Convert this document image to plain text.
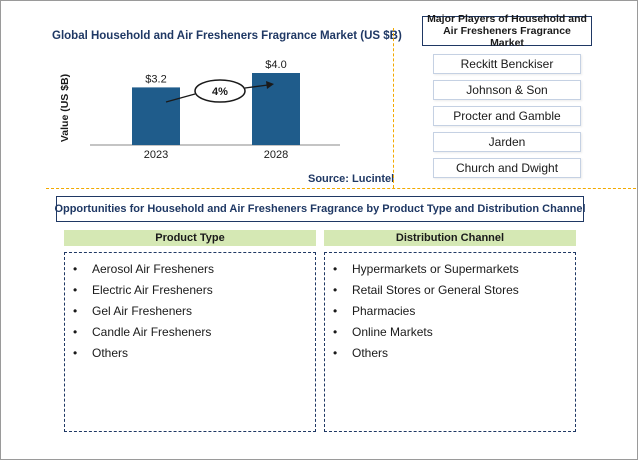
Global Household and Air Fresheners Fragrance Market (US $B)
Value (US $B)	$3.2
2023
$4.0
2028
4%
Source: Lucintel
Major Players of Household and Air Fresheners Fragrance Market
Reckitt Benckiser
Johnson & Son
Procter and Gamble
Jarden
Church and Dwight
Opportunities for Household and Air Fresheners Fragrance by Product Type and Distribution Channel
Product Type	Distribution Channel
•	Aerosol Air Fresheners
•	Electric Air Fresheners
•	Gel Air Fresheners
•	Candle Air Fresheners
•	Others
•	Hypermarkets or Supermarkets
•	Retail Stores or General Stores
•	Pharmacies
•	Online Markets
•	Others
